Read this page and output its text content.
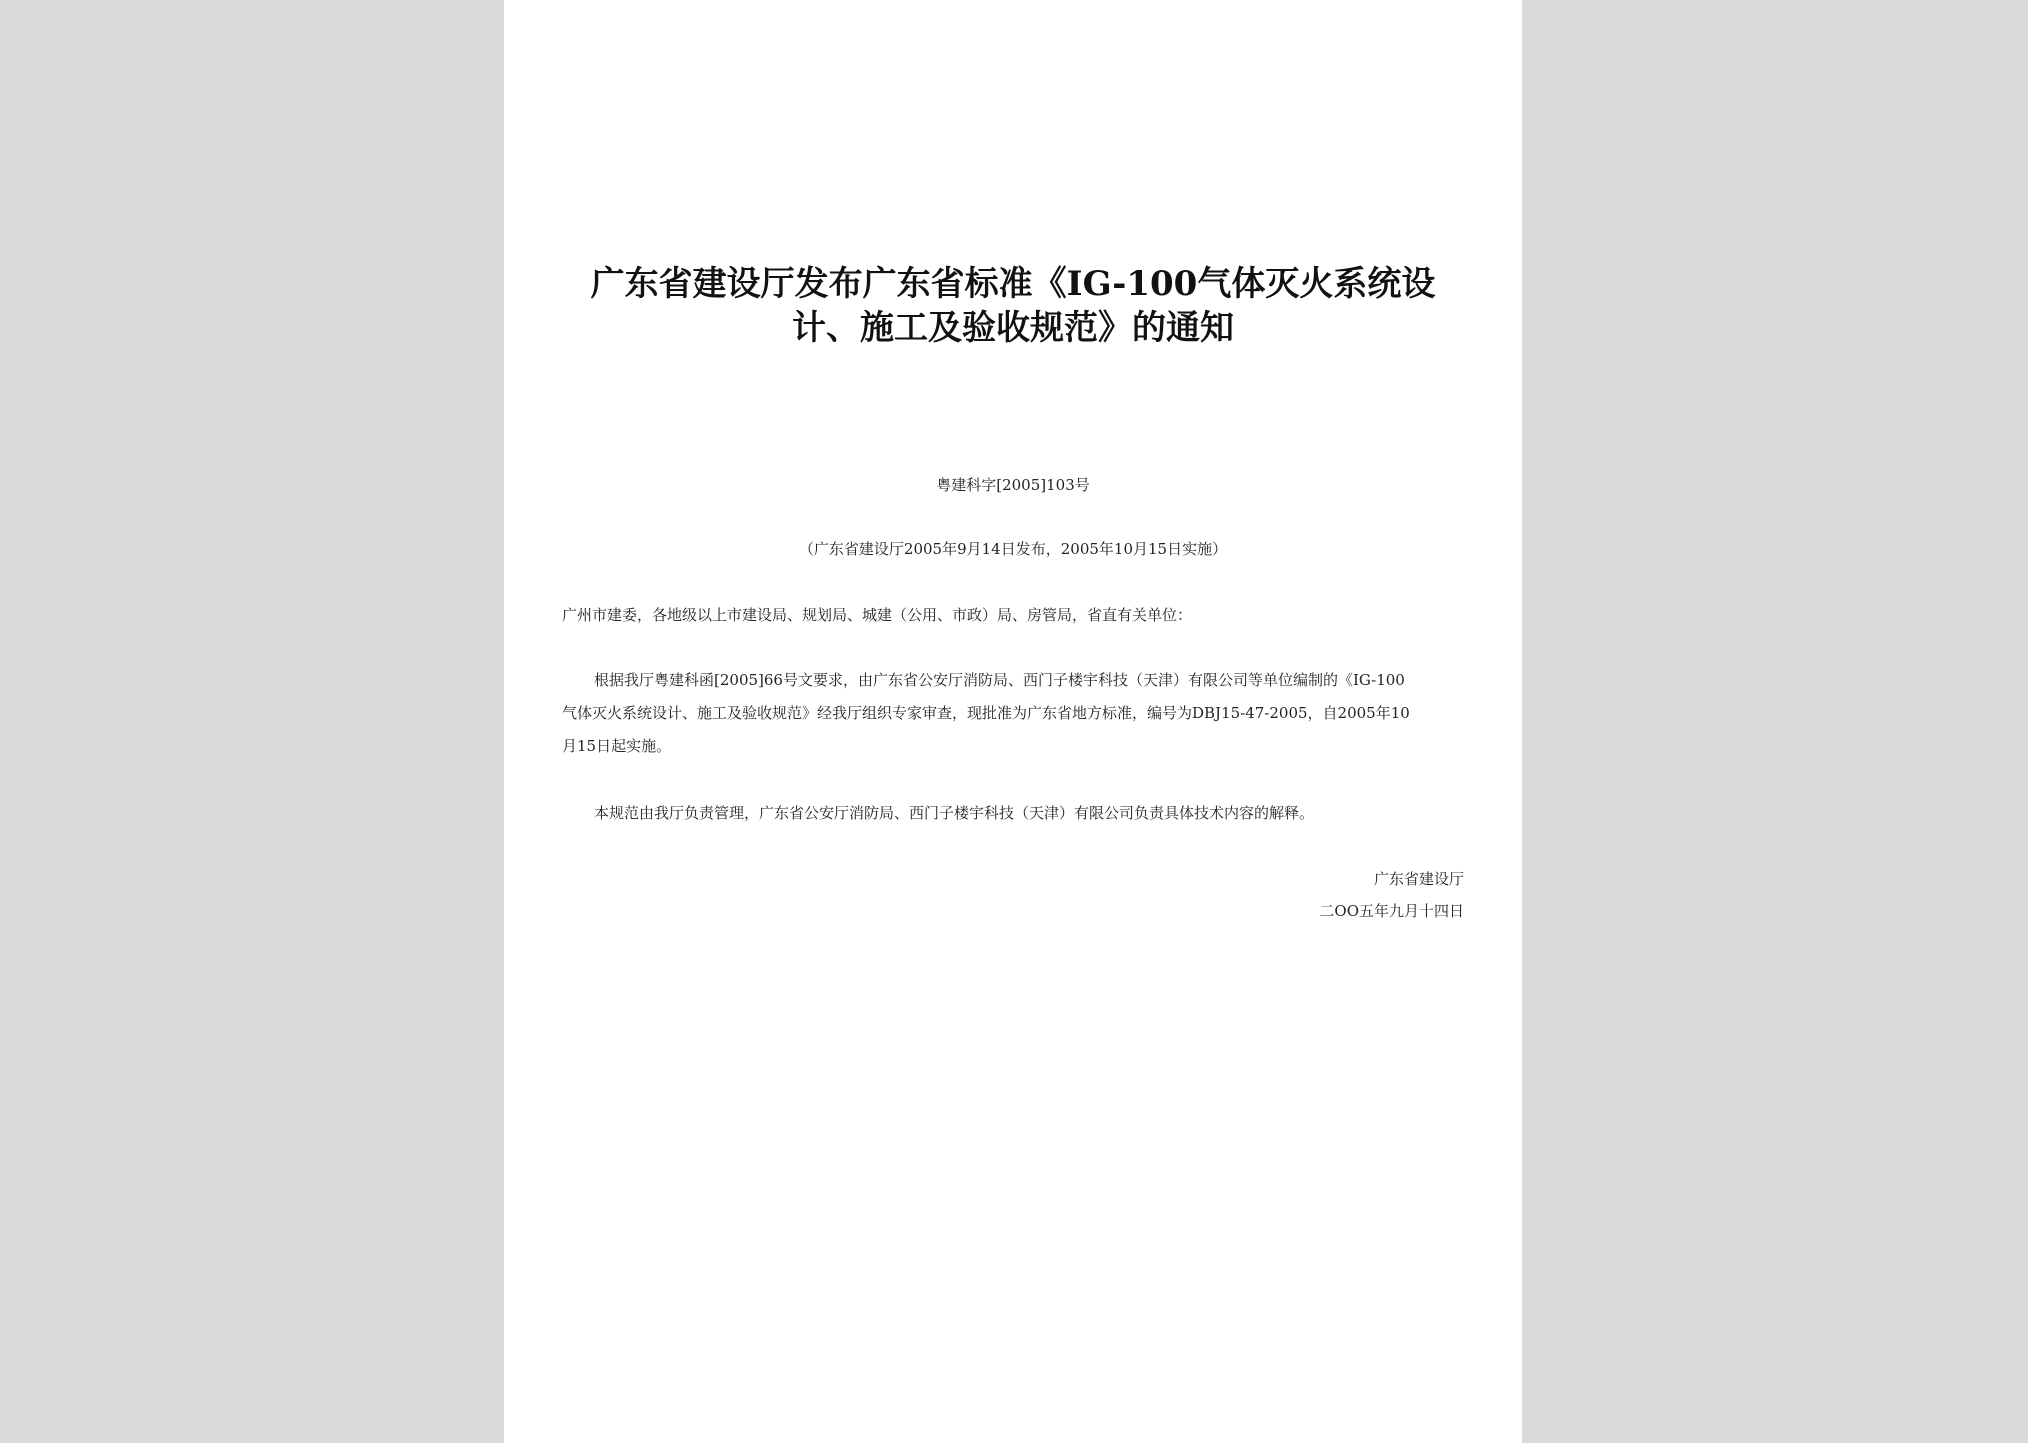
广东省建设厅发布广东省标准《IG-100气体灭火系统设
计、施工及验收规范》的通知
粤建科字[2005]103号
（广东省建设厅2005年9月14日发布，2005年10月15日实施）
广州市建委，各地级以上市建设局、规划局、城建（公用、市政）局、房管局，省直有关单位：
根据我厅粤建科函[2005]66号文要求，由广东省公安厅消防局、西门子楼宇科技（天津）有限公司等单位编制的《IG-100
气体灭火系统设计、施工及验收规范》经我厅组织专家审查，现批准为广东省地方标准，编号为DBJ15-47-2005，自2005年10
月15日起实施。
本规范由我厅负责管理，广东省公安厅消防局、西门子楼宇科技（天津）有限公司负责具体技术内容的解释。
广东省建设厅
二OO五年九月十四日
